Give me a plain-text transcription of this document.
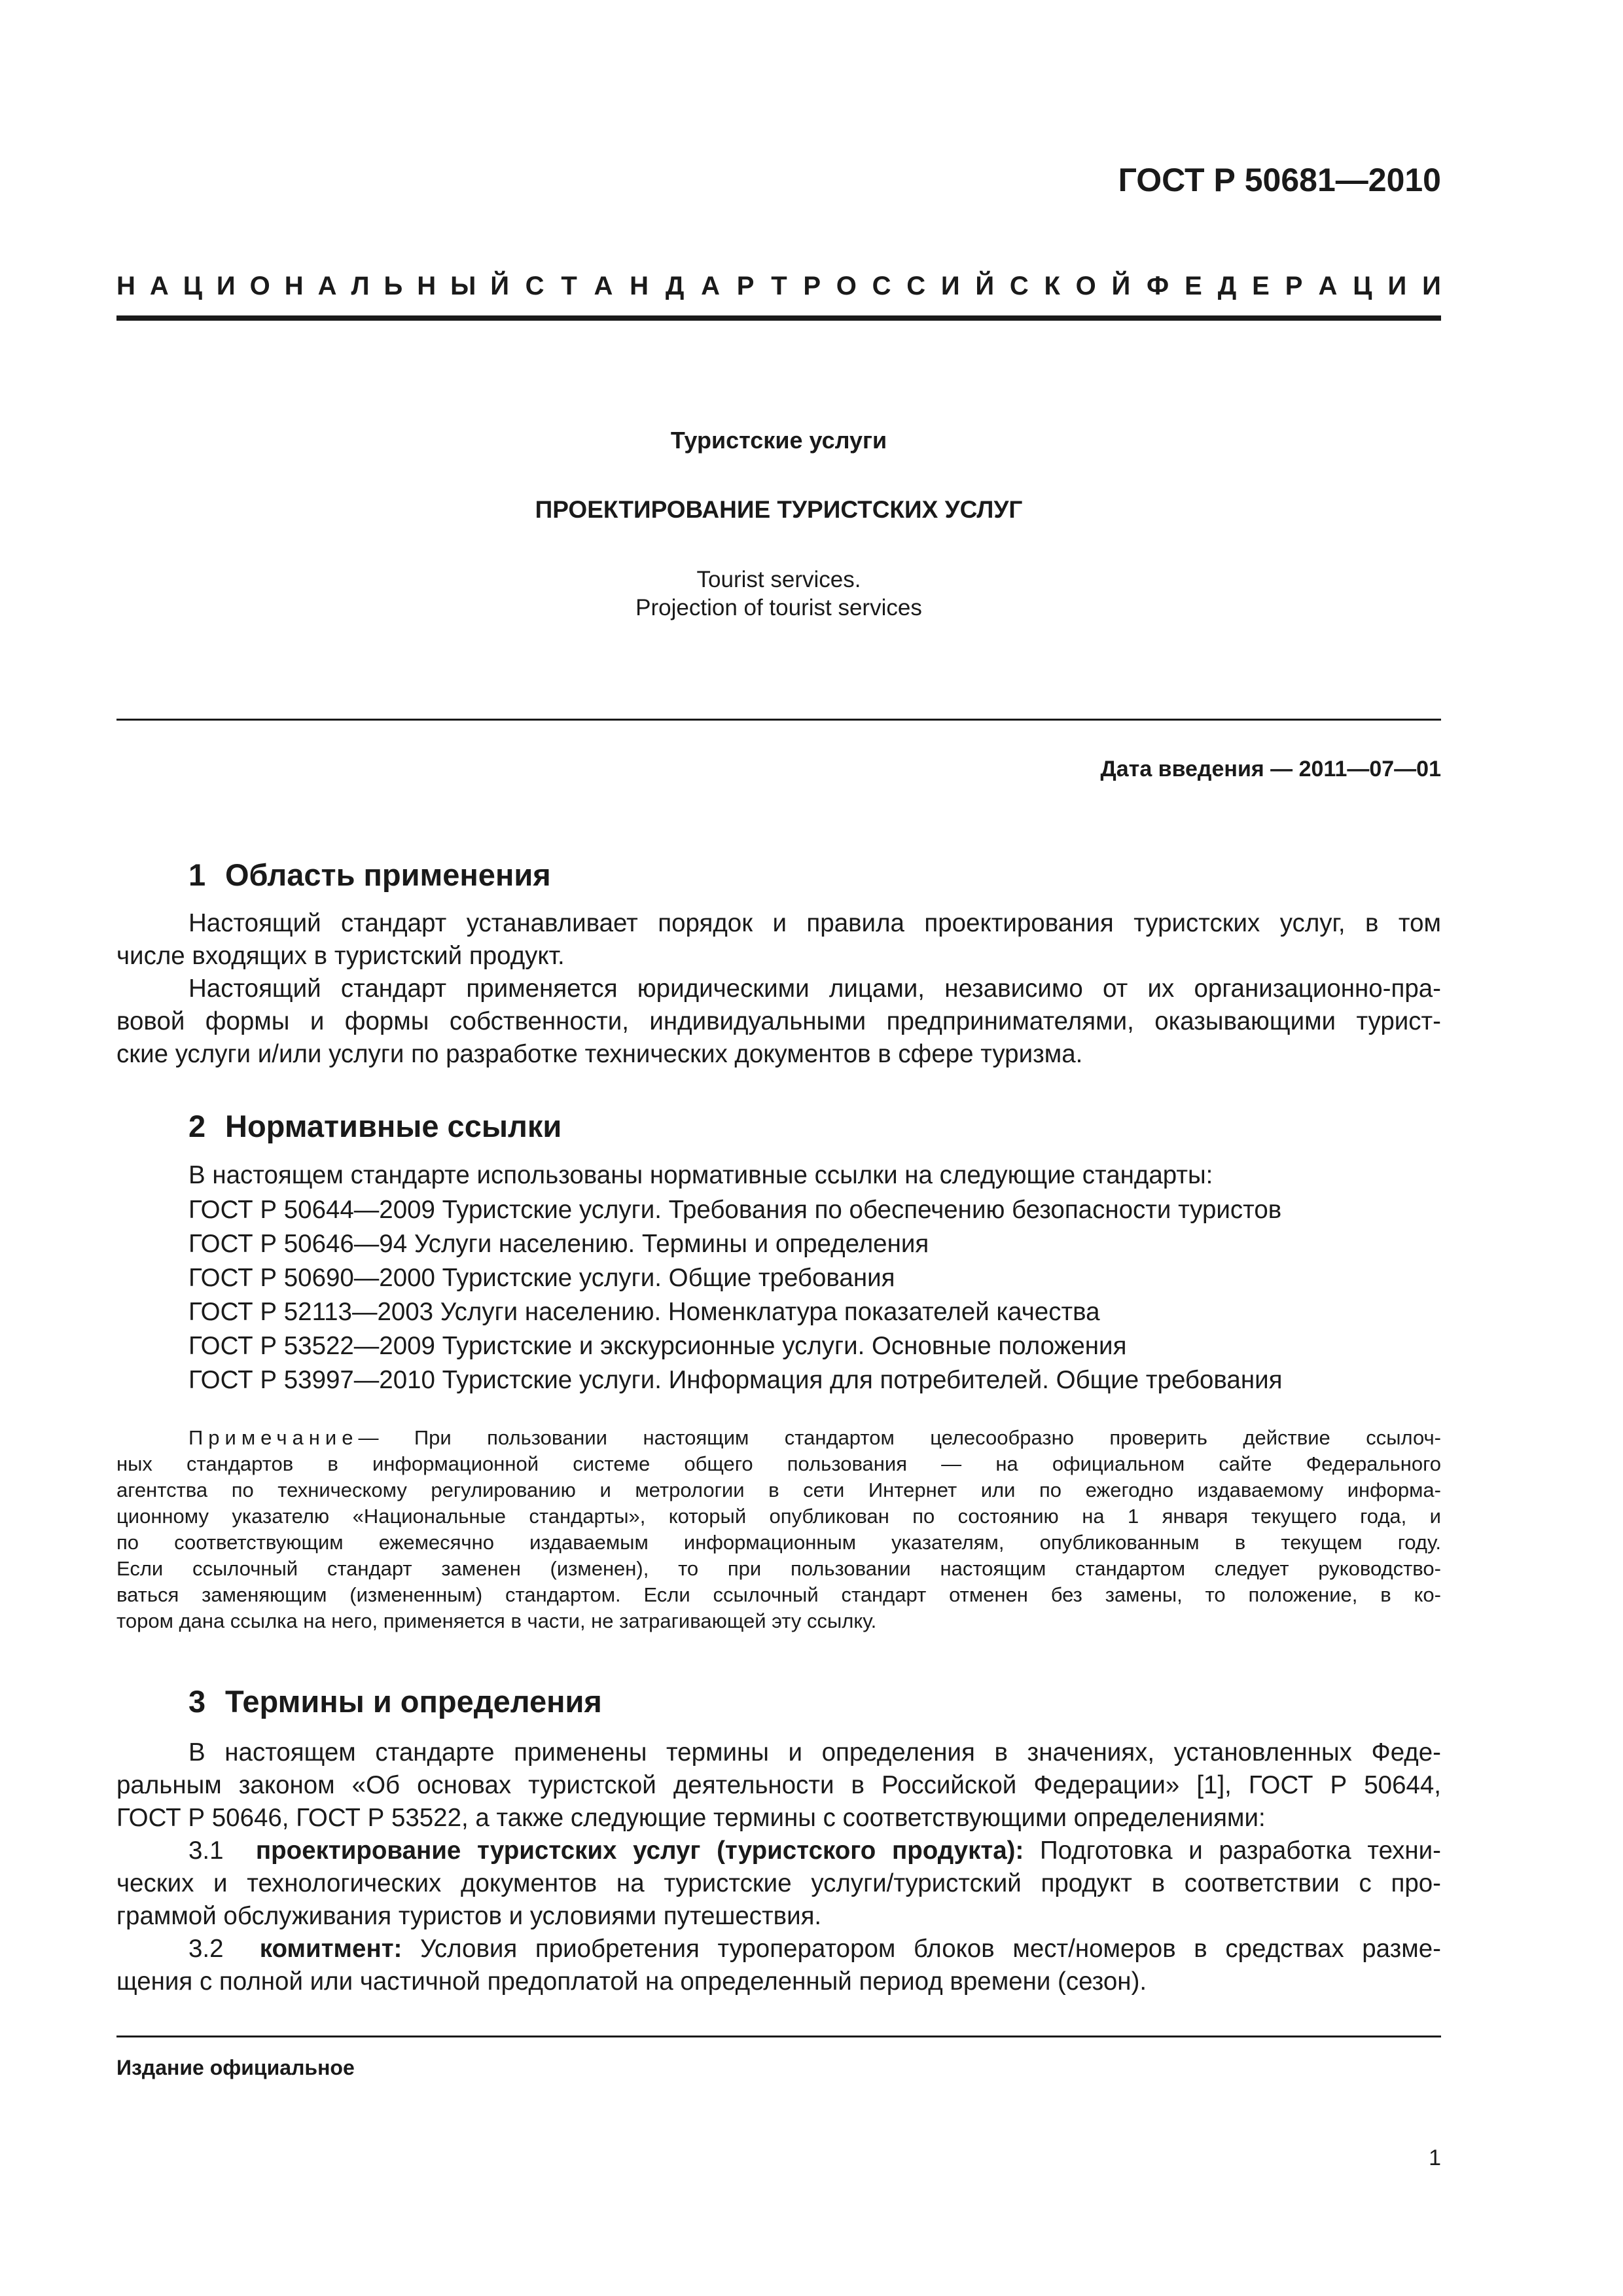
ГОСТ Р 50681—2010
Н А Ц И О Н А Л Ь Н Ы Й С Т А Н Д А Р Т Р О С С И Й С К О Й Ф Е Д Е Р А Ц И И
Туристские услуги
ПРОЕКТИРОВАНИЕ ТУРИСТСКИХ УСЛУГ
Tourist services.
Projection of tourist services
Дата введения — 2011—07—01
1 Область применения
Настоящий стандарт устанавливает порядок и правила проектирования туристских услуг, в том
числе входящих в туристский продукт.
Настоящий стандарт применяется юридическими лицами, независимо от их организационно-пра-
вовой формы и формы собственности, индивидуальными предпринимателями, оказывающими турист-
ские услуги и/или услуги по разработке технических документов в сфере туризма.
2 Нормативные ссылки
В настоящем стандарте использованы нормативные ссылки на следующие стандарты:
ГОСТ Р 50644—2009 Туристские услуги. Требования по обеспечению безопасности туристов
ГОСТ Р 50646—94 Услуги населению. Термины и определения
ГОСТ Р 50690—2000 Туристские услуги. Общие требования
ГОСТ Р 52113—2003 Услуги населению. Номенклатура показателей качества
ГОСТ Р 53522—2009 Туристские и экскурсионные услуги. Основные положения
ГОСТ Р 53997—2010 Туристские услуги. Информация для потребителей. Общие требования
Примечание— При пользовании настоящим стандартом целесообразно проверить действие ссылоч-
ных стандартов в информационной системе общего пользования — на официальном сайте Федерального
агентства по техническому регулированию и метрологии в сети Интернет или по ежегодно издаваемому информа-
ционному указателю «Национальные стандарты», который опубликован по состоянию на 1 января текущего года, и
по соответствующим ежемесячно издаваемым информационным указателям, опубликованным в текущем году.
Если ссылочный стандарт заменен (изменен), то при пользовании настоящим стандартом следует руководство-
ваться заменяющим (измененным) стандартом. Если ссылочный стандарт отменен без замены, то положение, в ко-
тором дана ссылка на него, применяется в части, не затрагивающей эту ссылку.
3 Термины и определения
В настоящем стандарте применены термины и определения в значениях, установленных Феде-
ральным законом «Об основах туристской деятельности в Российской Федерации» [1], ГОСТ Р 50644,
ГОСТ Р 50646, ГОСТ Р 53522, а также следующие термины с соответствующими определениями:
3.1 проектирование туристских услуг (туристского продукта): Подготовка и разработка техни-
ческих и технологических документов на туристские услуги/туристский продукт в соответствии с про-
граммой обслуживания туристов и условиями путешествия.
3.2 комитмент: Условия приобретения туроператором блоков мест/номеров в средствах разме-
щения с полной или частичной предоплатой на определенный период времени (сезон).
Издание официальное
1
